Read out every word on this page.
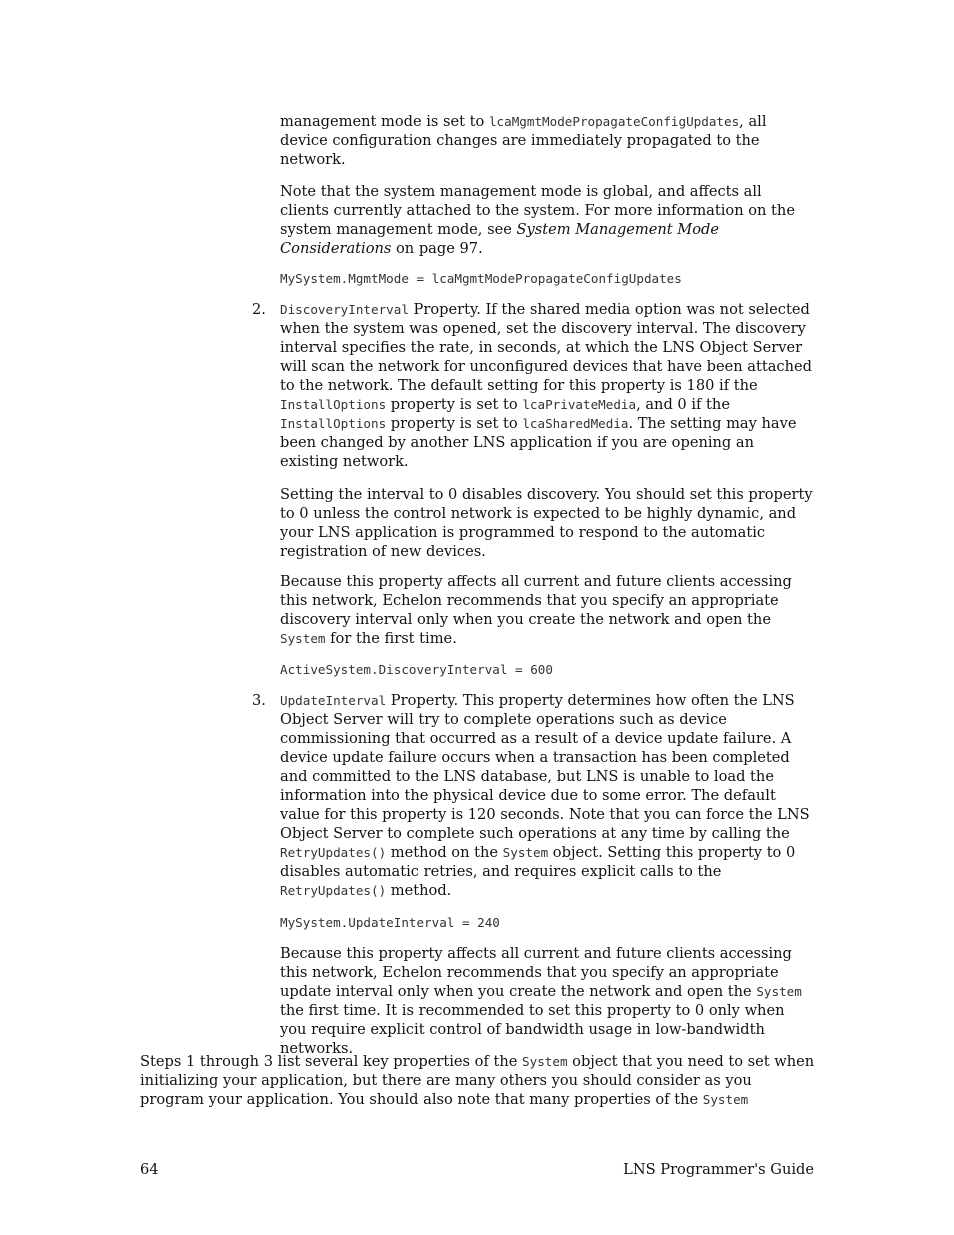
management mode is set to lcaMgmtModePropagateConfigUpdates, all device configuration changes are immediately propagated to the network.

Note that the system management mode is global, and affects all clients currently attached to the system. For more information on the system management mode, see System Management Mode Considerations on page 97.

MySystem.MgmtMode = lcaMgmtModePropagateConfigUpdates
2. DiscoveryInterval Property. If the shared media option was not selected when the system was opened, set the discovery interval. The discovery interval specifies the rate, in seconds, at which the LNS Object Server will scan the network for unconfigured devices that have been attached to the network. The default setting for this property is 180 if the InstallOptions property is set to lcaPrivateMedia, and 0 if the InstallOptions property is set to lcaSharedMedia. The setting may have been changed by another LNS application if you are opening an existing network.

Setting the interval to 0 disables discovery. You should set this property to 0 unless the control network is expected to be highly dynamic, and your LNS application is programmed to respond to the automatic registration of new devices.

Because this property affects all current and future clients accessing this network, Echelon recommends that you specify an appropriate discovery interval only when you create the network and open the System for the first time.

ActiveSystem.DiscoveryInterval = 600
3. UpdateInterval Property. This property determines how often the LNS Object Server will try to complete operations such as device commissioning that occurred as a result of a device update failure. A device update failure occurs when a transaction has been completed and committed to the LNS database, but LNS is unable to load the information into the physical device due to some error. The default value for this property is 120 seconds. Note that you can force the LNS Object Server to complete such operations at any time by calling the RetryUpdates() method on the System object. Setting this property to 0 disables automatic retries, and requires explicit calls to the RetryUpdates() method.

MySystem.UpdateInterval = 240

Because this property affects all current and future clients accessing this network, Echelon recommends that you specify an appropriate update interval only when you create the network and open the System the first time. It is recommended to set this property to 0 only when you require explicit control of bandwidth usage in low-bandwidth networks.

Steps 1 through 3 list several key properties of the System object that you need to set when initializing your application, but there are many others you should consider as you program your application. You should also note that many properties of the System

64	LNS Programmer's Guide
